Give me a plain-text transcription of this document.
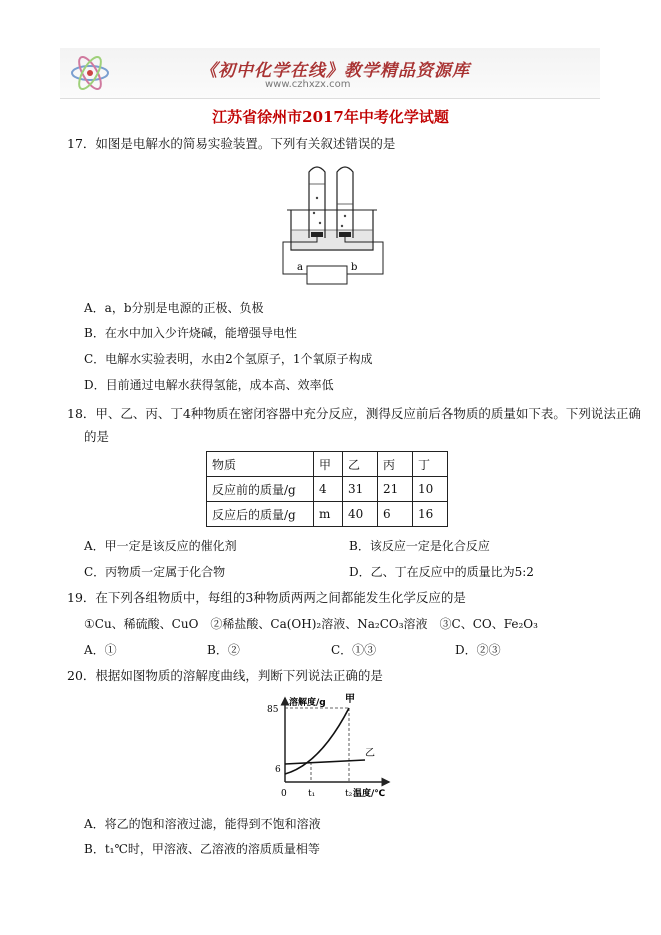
《初中化学在线》教学精品资源库
www.czhxzx.com
江苏省徐州市2017年中考化学试题
17．如图是电解水的简易实验装置。下列有关叙述错误的是
a	b
A．a，b分别是电源的正极、负极
B．在水中加入少许烧碱，能增强导电性
C．电解水实验表明，水由2个氢原子，1个氧原子构成
D．目前通过电解水获得氢能，成本高、效率低
18．甲、乙、丙、丁4种物质在密闭容器中充分反应，测得反应前后各物质的质量如下表。下列说法正确
的是
物质	甲	乙	丙	丁
反应前的质量/g	4	31	21	10
反应后的质量/g	m	40	6	16
A．甲一定是该反应的催化剂	B．该反应一定是化合反应
C．丙物质一定属于化合物	D．乙、丁在反应中的质量比为5:2
19．在下列各组物质中，每组的3种物质两两之间都能发生化学反应的是
①Cu、稀硫酸、CuO　②稀盐酸、Ca(OH)₂溶液、Na₂CO₃溶液　③C、CO、Fe₂O₃
A．①	B．②	C．①③	D．②③
20．根据如图物质的溶解度曲线，判断下列说法正确的是
85
6
溶解度/g 甲
乙
0 t₁	t₂ 温度/℃
A．将乙的饱和溶液过滤，能得到不饱和溶液
B．t₁℃时，甲溶液、乙溶液的溶质质量相等
